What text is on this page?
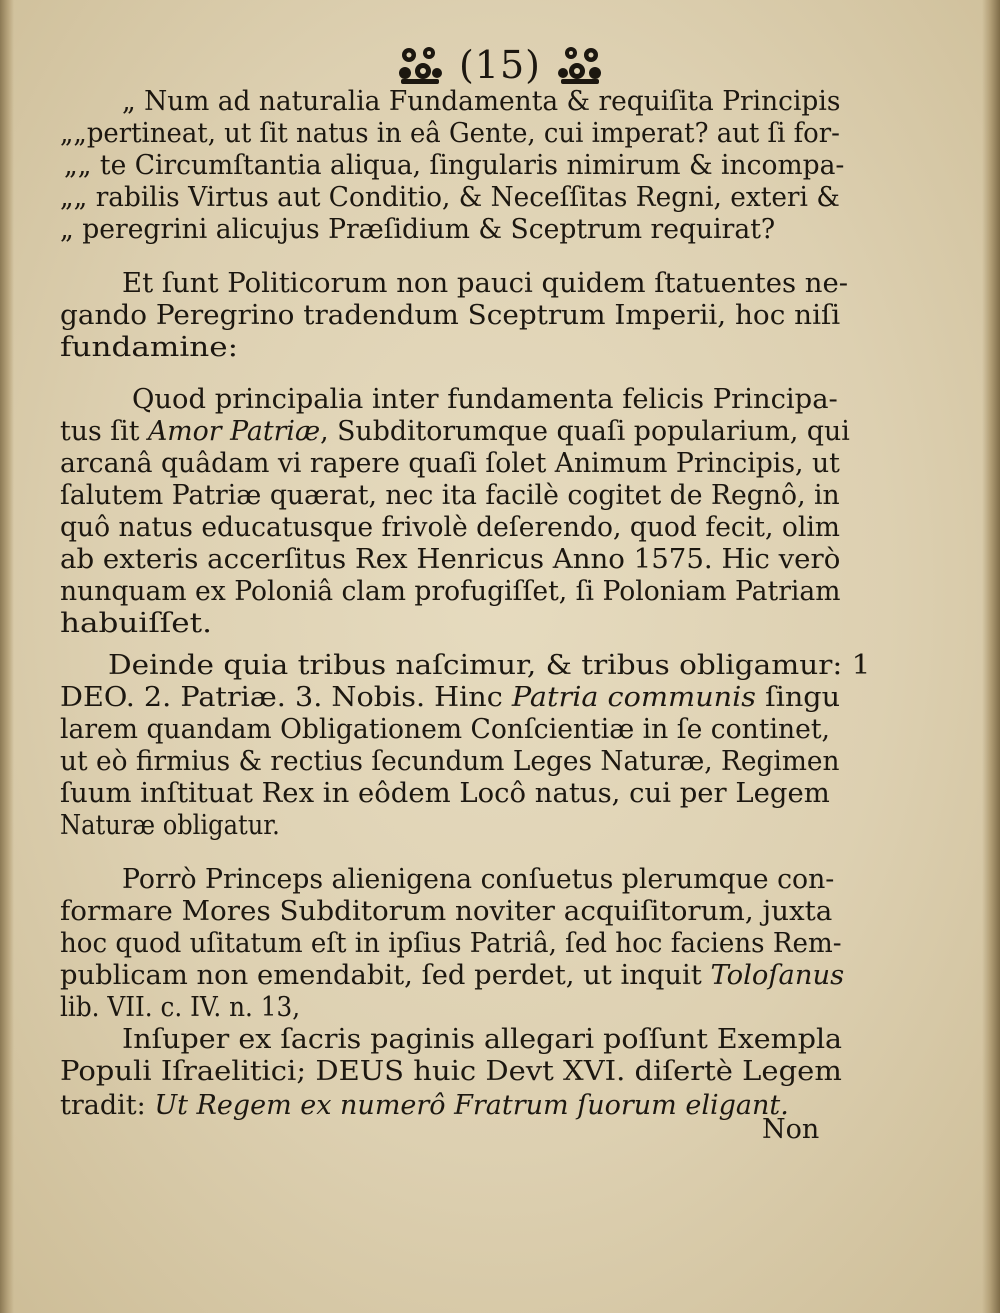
(15)
„ Num ad naturalia Fundamenta & requiſita Principis
„„pertineat, ut ſit natus in eâ Gente, cui imperat? aut ſi for-
„„ te Circumſtantia aliqua, ſingularis nimirum & incompa-
„„ rabilis Virtus aut Conditio, & Neceſſitas Regni, exteri &
„ peregrini alicujus Præſidium & Sceptrum requirat?
Et ſunt Politicorum non pauci quidem ſtatuentes ne-
gando Peregrino tradendum Sceptrum Imperii, hoc niſi
fundamine:
Quod principalia inter fundamenta felicis Principa-
tus ſit Amor Patriæ, Subditorumque quaſi popularium, qui
arcanâ quâdam vi rapere quaſi ſolet Animum Principis, ut
ſalutem Patriæ quærat, nec ita facilè cogitet de Regnô, in
quô natus educatusque frivolè deſerendo, quod fecit, olim
ab exteris accerſitus Rex Henricus Anno 1575. Hic verò
nunquam ex Poloniâ clam profugiſſet, ſi Poloniam Patriam
habuiſſet.
Deinde quia tribus naſcimur, & tribus obligamur: 1
DEO. 2. Patriæ. 3. Nobis. Hinc Patria communis ſingu
larem quandam Obligationem Conſcientiæ in ſe continet,
ut eò firmius & rectius ſecundum Leges Naturæ, Regimen
ſuum inſtituat Rex in eôdem Locô natus, cui per Legem
Naturæ obligatur.
Porrò Princeps alienigena conſuetus plerumque con-
formare Mores Subditorum noviter acquiſitorum, juxta
hoc quod uſitatum eſt in ipſius Patriâ, ſed hoc faciens Rem-
publicam non emendabit, ſed perdet, ut inquit Toloſanus
lib. VII. c. IV. n. 13,
Inſuper ex ſacris paginis allegari poſſunt Exempla
Populi Iſraelitici; DEUS huic Devt XVI. diſertè Legem
tradit: Ut Regem ex numerô Fratrum ſuorum eligant.
Non
